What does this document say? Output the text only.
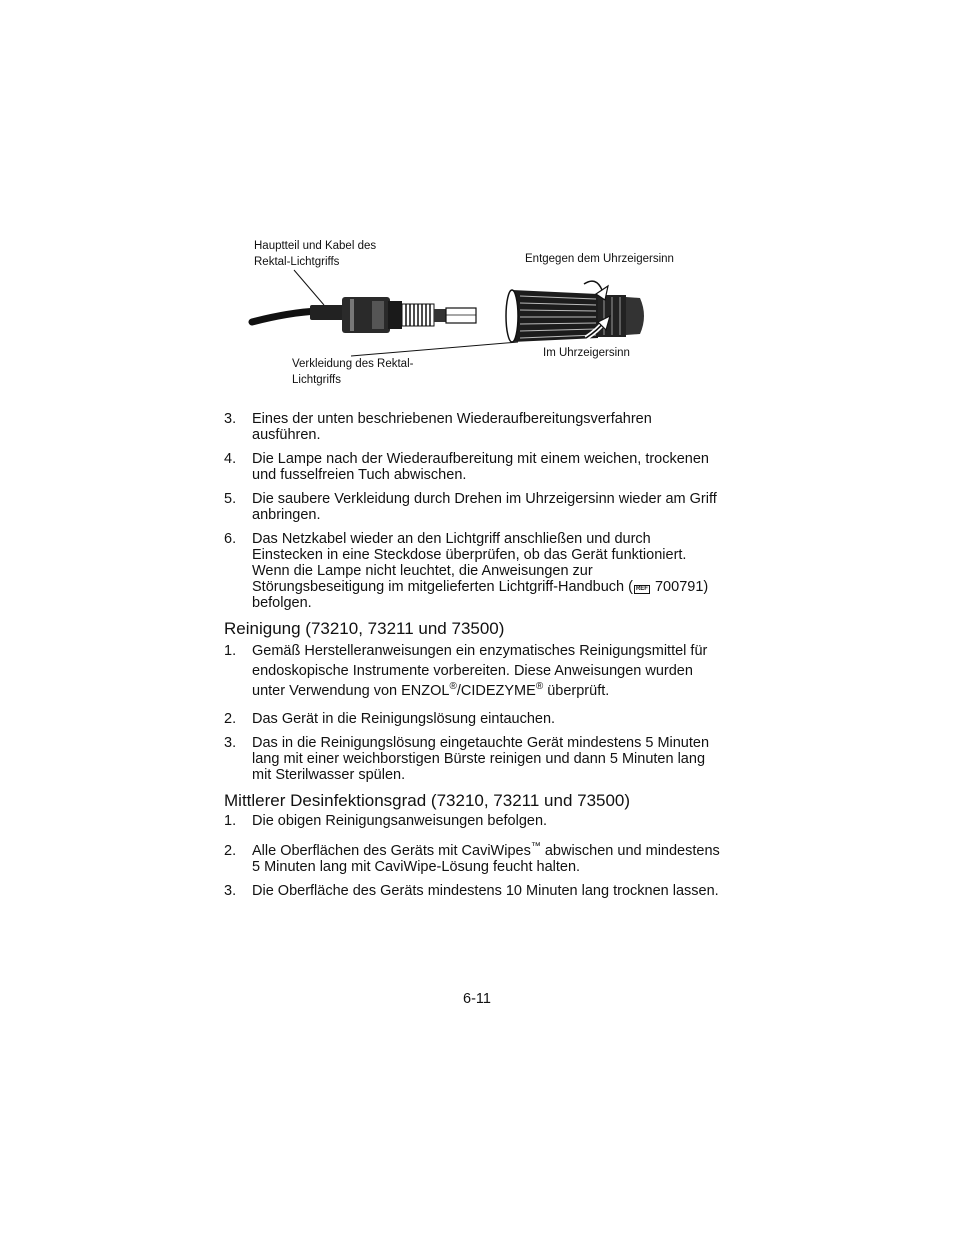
Hauptteil und Kabel des
Rektal-Lichtgriffs	Entgegen dem Uhrzeigersinn
Im Uhrzeigersinn
Verkleidung des Rektal-
Lichtgriffs
3. Eines der unten beschriebenen Wiederaufbereitungsverfahren ausführen.
4. Die Lampe nach der Wiederaufbereitung mit einem weichen, trockenen und fusselfreien Tuch abwischen.
5. Die saubere Verkleidung durch Drehen im Uhrzeigersinn wieder am Griff anbringen.
6. Das Netzkabel wieder an den Lichtgriff anschließen und durch Einstecken in eine Steckdose überprüfen, ob das Gerät funktioniert. Wenn die Lampe nicht leuchtet, die Anweisungen zur Störungsbeseitigung im mitgelieferten Lichtgriff-Handbuch ( REF 700791) befolgen.
Reinigung (73210, 73211 und 73500)
1. Gemäß Herstelleranweisungen ein enzymatisches Reinigungsmittel für endoskopische Instrumente vorbereiten. Diese Anweisungen wurden unter Verwendung von ENZOL®/CIDEZYME® überprüft.
2. Das Gerät in die Reinigungslösung eintauchen.
3. Das in die Reinigungslösung eingetauchte Gerät mindestens 5 Minuten lang mit einer weichborstigen Bürste reinigen und dann 5 Minuten lang mit Sterilwasser spülen.
Mittlerer Desinfektionsgrad (73210, 73211 und 73500)
1. Die obigen Reinigungsanweisungen befolgen.
2. Alle Oberflächen des Geräts mit CaviWipes™ abwischen und mindestens 5 Minuten lang mit CaviWipe-Lösung feucht halten.
3. Die Oberfläche des Geräts mindestens 10 Minuten lang trocknen lassen.
6-11
